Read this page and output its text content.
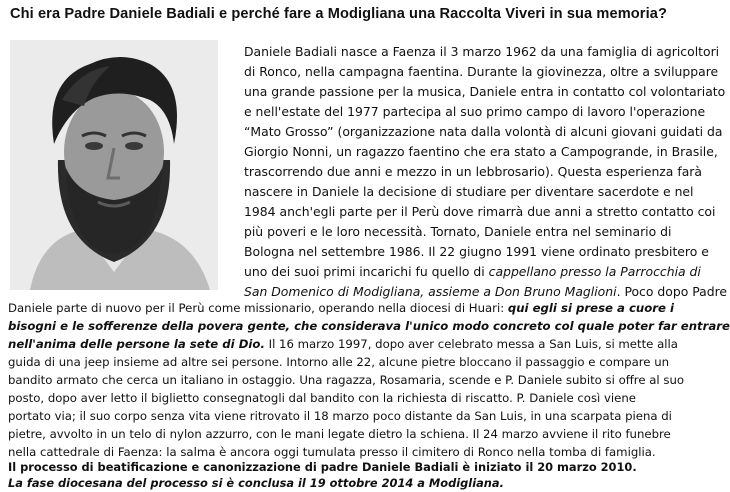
Chi era Padre Daniele Badiali e perché fare a Modigliana una Raccolta Viveri in sua memoria?
Daniele Badiali nasce a Faenza il 3 marzo 1962 da una famiglia di agricoltori
di Ronco, nella campagna faentina. Durante la giovinezza, oltre a sviluppare
una grande passione per la musica, Daniele entra in contatto col volontariato
e nell'estate del 1977 partecipa al suo primo campo di lavoro l'operazione
“Mato Grosso” (organizzazione nata dalla volontà di alcuni giovani guidati da
Giorgio Nonni, un ragazzo faentino che era stato a Campogrande, in Brasile,
trascorrendo due anni e mezzo in un lebbrosario). Questa esperienza farà
nascere in Daniele la decisione di studiare per diventare sacerdote e nel
1984 anch'egli parte per il Perù dove rimarrà due anni a stretto contatto coi
più poveri e le loro necessità. Tornato, Daniele entra nel seminario di
Bologna nel settembre 1986. Il 22 giugno 1991 viene ordinato presbitero e
uno dei suoi primi incarichi fu quello di cappellano presso la Parrocchia di
San Domenico di Modigliana, assieme a Don Bruno Maglioni. Poco dopo Padre
Daniele parte di nuovo per il Perù come missionario, operando nella diocesi di Huari: qui egli si prese a cuore i
bisogni e le sofferenze della povera gente, che considerava l'unico modo concreto col quale poter far entrare
nell'anima delle persone la sete di Dio. Il 16 marzo 1997, dopo aver celebrato messa a San Luis, si mette alla
guida di una jeep insieme ad altre sei persone. Intorno alle 22, alcune pietre bloccano il passaggio e compare un
bandito armato che cerca un italiano in ostaggio. Una ragazza, Rosamaria, scende e P. Daniele subito si offre al suo
posto, dopo aver letto il biglietto consegnatogli dal bandito con la richiesta di riscatto. P. Daniele così viene
portato via; il suo corpo senza vita viene ritrovato il 18 marzo poco distante da San Luis, in una scarpata piena di
pietre, avvolto in un telo di nylon azzurro, con le mani legate dietro la schiena. Il 24 marzo avviene il rito funebre
nella cattedrale di Faenza: la salma è ancora oggi tumulata presso il cimitero di Ronco nella tomba di famiglia.
Il processo di beatificazione e canonizzazione di padre Daniele Badiali è iniziato il 20 marzo 2010.
La fase diocesana del processo si è conclusa il 19 ottobre 2014 a Modigliana.
